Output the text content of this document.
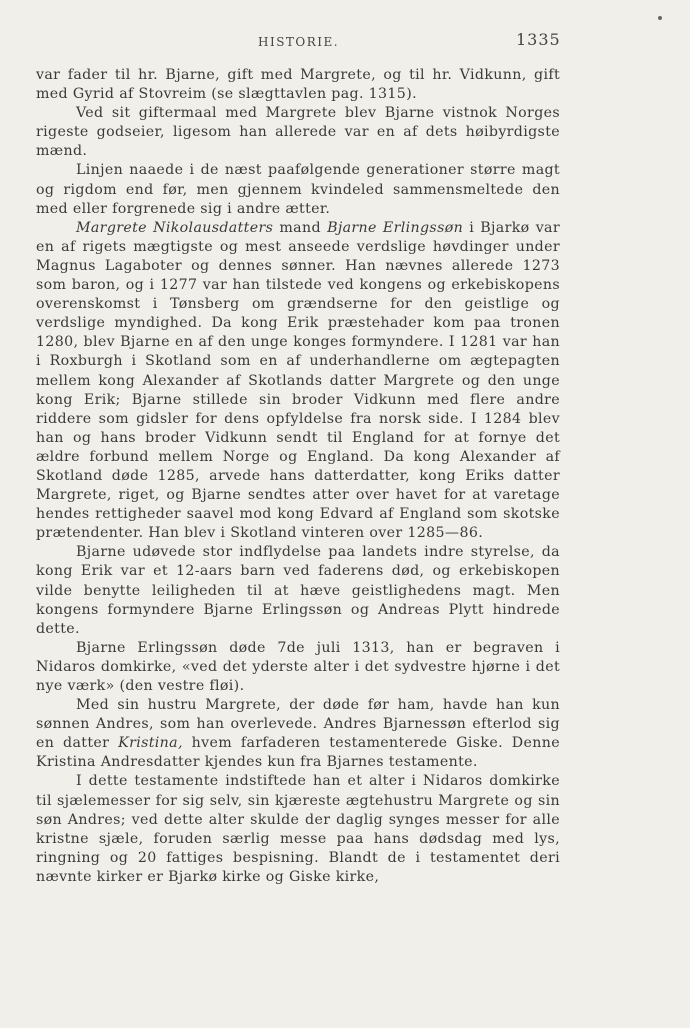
HISTORIE.	1335

var fader til hr. Bjarne, gift med Margrete, og til hr. Vidkunn, gift med Gyrid af Stovreim (se slægttavlen pag. 1315).

Ved sit giftermaal med Margrete blev Bjarne vistnok Norges rigeste godseier, ligesom han allerede var en af dets høibyrdigste mænd.

Linjen naaede i de næst paafølgende generationer større magt og rigdom end før, men gjennem kvindeled sammensmeltede den med eller forgrenede sig i andre ætter.

Margrete Nikolausdatters mand Bjarne Erlingssøn i Bjarkø var en af rigets mægtigste og mest anseede verdslige høvdinger under Magnus Lagaboter og dennes sønner. Han nævnes allerede 1273 som baron, og i 1277 var han tilstede ved kongens og erkebiskopens overenskomst i Tønsberg om grændserne for den geistlige og verdslige myndighed. Da kong Erik præstehader kom paa tronen 1280, blev Bjarne en af den unge konges formyndere. I 1281 var han i Roxburgh i Skotland som en af underhandlerne om ægtepagten mellem kong Alexander af Skotlands datter Margrete og den unge kong Erik; Bjarne stillede sin broder Vidkunn med flere andre riddere som gidsler for dens opfyldelse fra norsk side. I 1284 blev han og hans broder Vidkunn sendt til England for at fornye det ældre forbund mellem Norge og England. Da kong Alexander af Skotland døde 1285, arvede hans datterdatter, kong Eriks datter Margrete, riget, og Bjarne sendtes atter over havet for at varetage hendes rettigheder saavel mod kong Edvard af England som skotske prætendenter. Han blev i Skotland vinteren over 1285—86.

Bjarne udøvede stor indflydelse paa landets indre styrelse, da kong Erik var et 12-aars barn ved faderens død, og erkebiskopen vilde benytte leiligheden til at hæve geistlighedens magt. Men kongens formyndere Bjarne Erlingssøn og Andreas Plytt hindrede dette.

Bjarne Erlingssøn døde 7de juli 1313, han er begraven i Nidaros domkirke, «ved det yderste alter i det sydvestre hjørne i det nye værk» (den vestre fløi).

Med sin hustru Margrete, der døde før ham, havde han kun sønnen Andres, som han overlevede. Andres Bjarnessøn efterlod sig en datter Kristina, hvem farfaderen testamenterede Giske. Denne Kristina Andresdatter kjendes kun fra Bjarnes testamente.

I dette testamente indstiftede han et alter i Nidaros domkirke til sjælemesser for sig selv, sin kjæreste ægtehustru Margrete og sin søn Andres; ved dette alter skulde der daglig synges messer for alle kristne sjæle, foruden særlig messe paa hans dødsdag med lys, ringning og 20 fattiges bespisning. Blandt de i testamentet deri nævnte kirker er Bjarkø kirke og Giske kirke,
